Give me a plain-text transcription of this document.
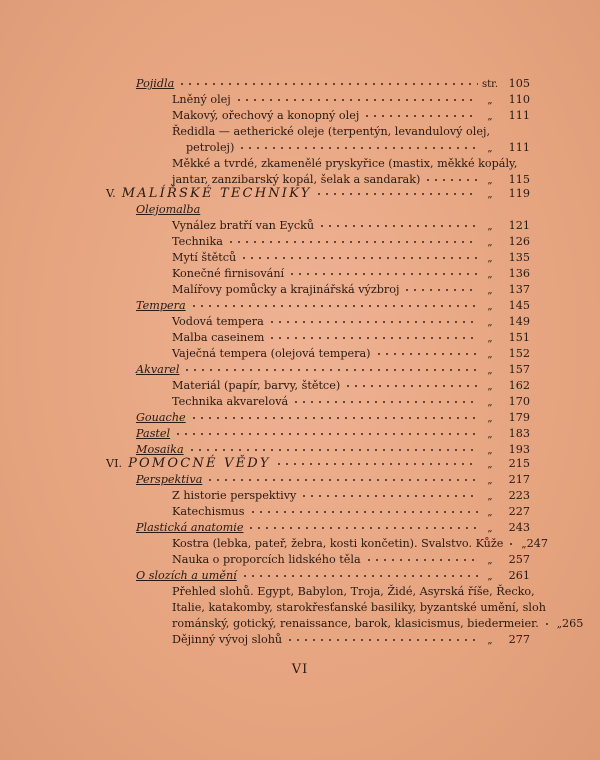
Pojidla	str. 105
Lněný olej	„	110
Makový, ořechový a konopný olej	„	111
Ředidla — aetherické oleje (terpentýn, levandulový olej,
petrolej)	„	111
Měkké a tvrdé, zkamenělé pryskyřice (mastix, měkké kopály,
jantar, zanzibarský kopál, šelak a sandarak)	„	115
V. MALÍŘSKÉ TECHNIKY	„	119
Olejomalba
Vynález bratří van Eycků	„	121
Technika	„	126
Mytí štětců	„	135
Konečné firnisování	„	136
Malířovy pomůcky a krajinářská výzbroj	„	137
Tempera	„	145
Vodová tempera	„	149
Malba caseinem	„	151
Vaječná tempera (olejová tempera)	„	152
Akvarel	„	157
Materiál (papír, barvy, štětce)	„	162
Technika akvarelová	„	170
Gouache	„	179
Pastel	„	183
Mosaika	„	193
VI. POMOCNÉ VĚDY	„	215
Perspektiva	„	217
Z historie perspektivy	„	223
Katechismus	„	227
Plastická anatomie	„	243
Kostra (lebka, pateř, žebra, kosti končetin). Svalstvo. Kůže „ 247
Nauka o proporcích lidského těla	„	257
O slozích a umění	„	261
Přehled slohů. Egypt, Babylon, Troja, Židé, Asyrská říše, Řecko,
Italie, katakomby, starokřesťanské basiliky, byzantské umění, sloh
románský, gotický, renaissance, barok, klasicismus, biedermeier. „ 265
Dějinný vývoj slohů	„	277
VI
